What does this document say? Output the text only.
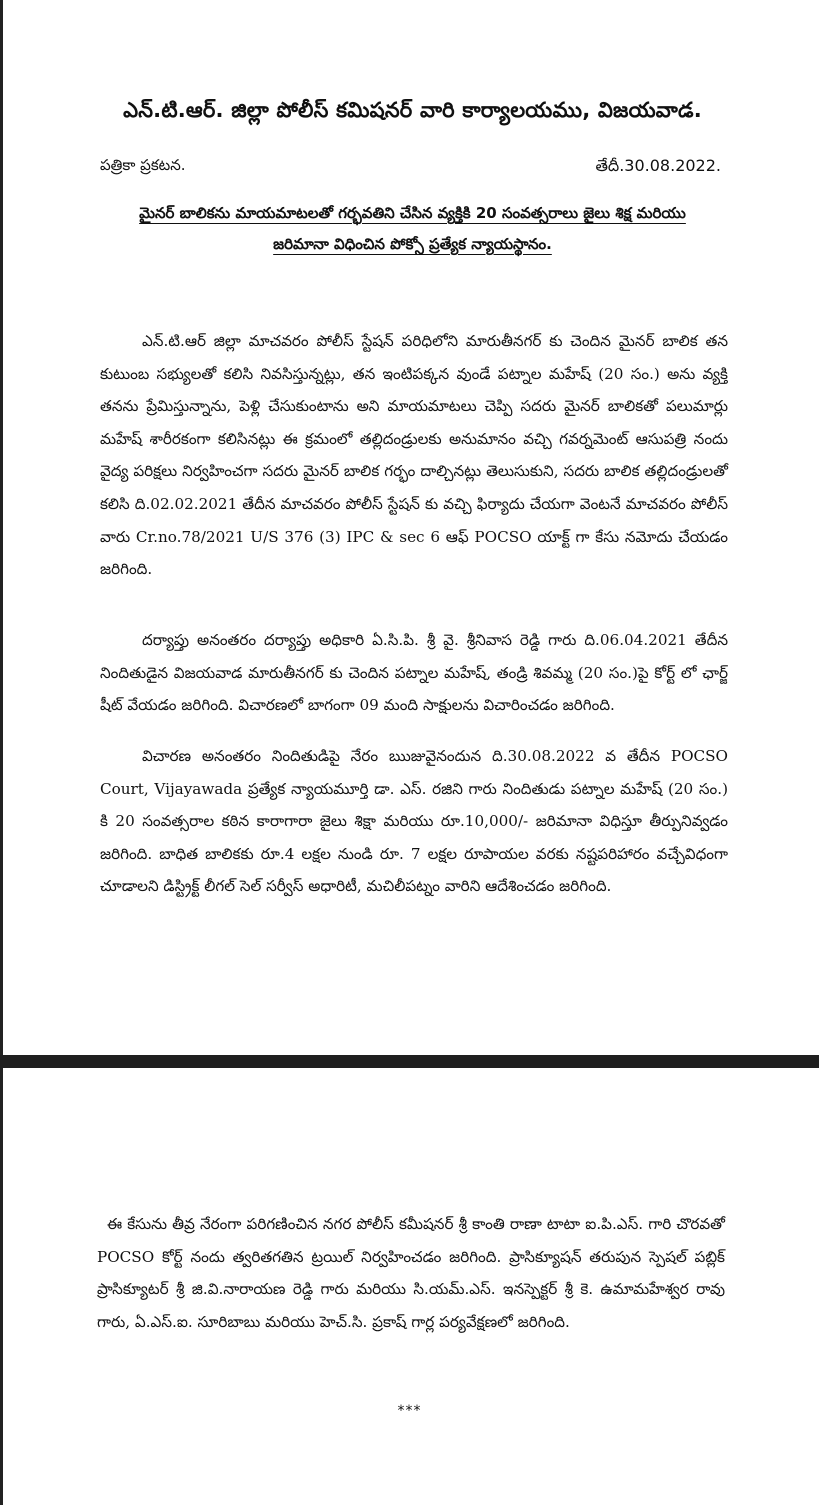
ఎన్.టి.ఆర్. జిల్లా పోలీస్ కమిషనర్ వారి కార్యాలయము, విజయవాడ.
పత్రికా ప్రకటన.	తేదీ.30.08.2022.
మైనర్ బాలికను మాయమాటలతో గర్భవతిని చేసిన వ్యక్తికి 20 సంవత్సరాలు జైలు శిక్ష మరియు
జరిమానా విధించిన పోక్సో ప్రత్యేక న్యాయస్థానం.
ఎన్.టి.ఆర్ జిల్లా మాచవరం పోలీస్ స్టేషన్ పరిధిలోని మారుతీనగర్ కు చెందిన మైనర్ బాలిక తన కుటుంబ సభ్యులతో కలిసి నివసిస్తున్నట్లు, తన ఇంటిపక్కన వుండే పట్నాల మహేష్ (20 సం.) అను వ్యక్తి తనను ప్రేమిస్తున్నాను, పెళ్లి చేసుకుంటాను అని మాయమాటలు చెప్పి సదరు మైనర్ బాలికతో పలుమార్లు మహేష్ శారీరకంగా కలిసినట్లు ఈ క్రమంలో తల్లిదండ్రులకు అనుమానం వచ్చి గవర్నమెంట్ ఆసుపత్రి నందు వైద్య పరిక్షలు నిర్వహించగా సదరు మైనర్ బాలిక గర్భం దాల్చినట్లు తెలుసుకుని, సదరు బాలిక తల్లిదండ్రులతో కలిసి ది.02.02.2021 తేదీన మాచవరం పోలీస్ స్టేషన్ కు వచ్చి ఫిర్యాదు చేయగా వెంటనే మాచవరం పోలీస్ వారు Cr.no.78/2021 U/S 376 (3) IPC & sec 6 ఆఫ్ POCSO యాక్ట్ గా కేసు నమోదు చేయడం జరిగింది.
దర్యాప్తు అనంతరం దర్యాప్తు అధికారి ఏ.సి.పి. శ్రీ వై. శ్రీనివాస రెడ్డి గారు ది.06.04.2021 తేదీన నిందితుడైన విజయవాడ మారుతీనగర్ కు చెందిన పట్నాల మహేష్, తండ్రి శివమ్మ (20 సం.)పై కోర్ట్ లో ఛార్జ్ షీట్ వేయడం జరిగింది. విచారణలో బాగంగా 09 మంది సాక్షులను విచారించడం జరిగింది.
విచారణ అనంతరం నిందితుడిపై నేరం ఋజువైనందున ది.30.08.2022 వ తేదీన POCSO Court, Vijayawada ప్రత్యేక న్యాయమూర్తి డా. ఎస్. రజిని గారు నిందితుడు పట్నాల మహేష్ (20 సం.) కి 20 సంవత్సరాల కఠిన కారాగారా జైలు శిక్షా మరియు రూ.10,000/- జరిమానా విధిస్తూ తీర్పునివ్వడం జరిగింది. బాధిత బాలికకు రూ.4 లక్షల నుండి రూ. 7 లక్షల రూపాయల వరకు నష్టపరిహారం వచ్చేవిధంగా చూడాలని డిస్ట్రిక్ట్ లీగల్ సెల్ సర్వీస్ అధారిటీ, మచిలీపట్నం వారిని ఆదేశించడం జరిగింది.
ఈ కేసును తీవ్ర నేరంగా పరిగణించిన నగర పోలీస్ కమీషనర్ శ్రీ కాంతి రాణా టాటా ఐ.పి.ఎస్. గారి చొరవతో POCSO కోర్ట్ నందు త్వరితగతిన ట్రయిల్ నిర్వహించడం జరిగింది. ప్రాసిక్యూషన్ తరుపున స్పెషల్ పబ్లిక్ ప్రాసిక్యూటర్ శ్రీ జి.వి.నారాయణ రెడ్డి గారు మరియు సి.యమ్.ఎస్. ఇనస్పెక్టర్ శ్రీ కె. ఉమామహేశ్వర రావు గారు, ఏ.ఎస్.ఐ. సూరిబాబు మరియు హెచ్.సి. ప్రకాష్ గార్ల పర్యవేక్షణలో జరిగింది.
***
